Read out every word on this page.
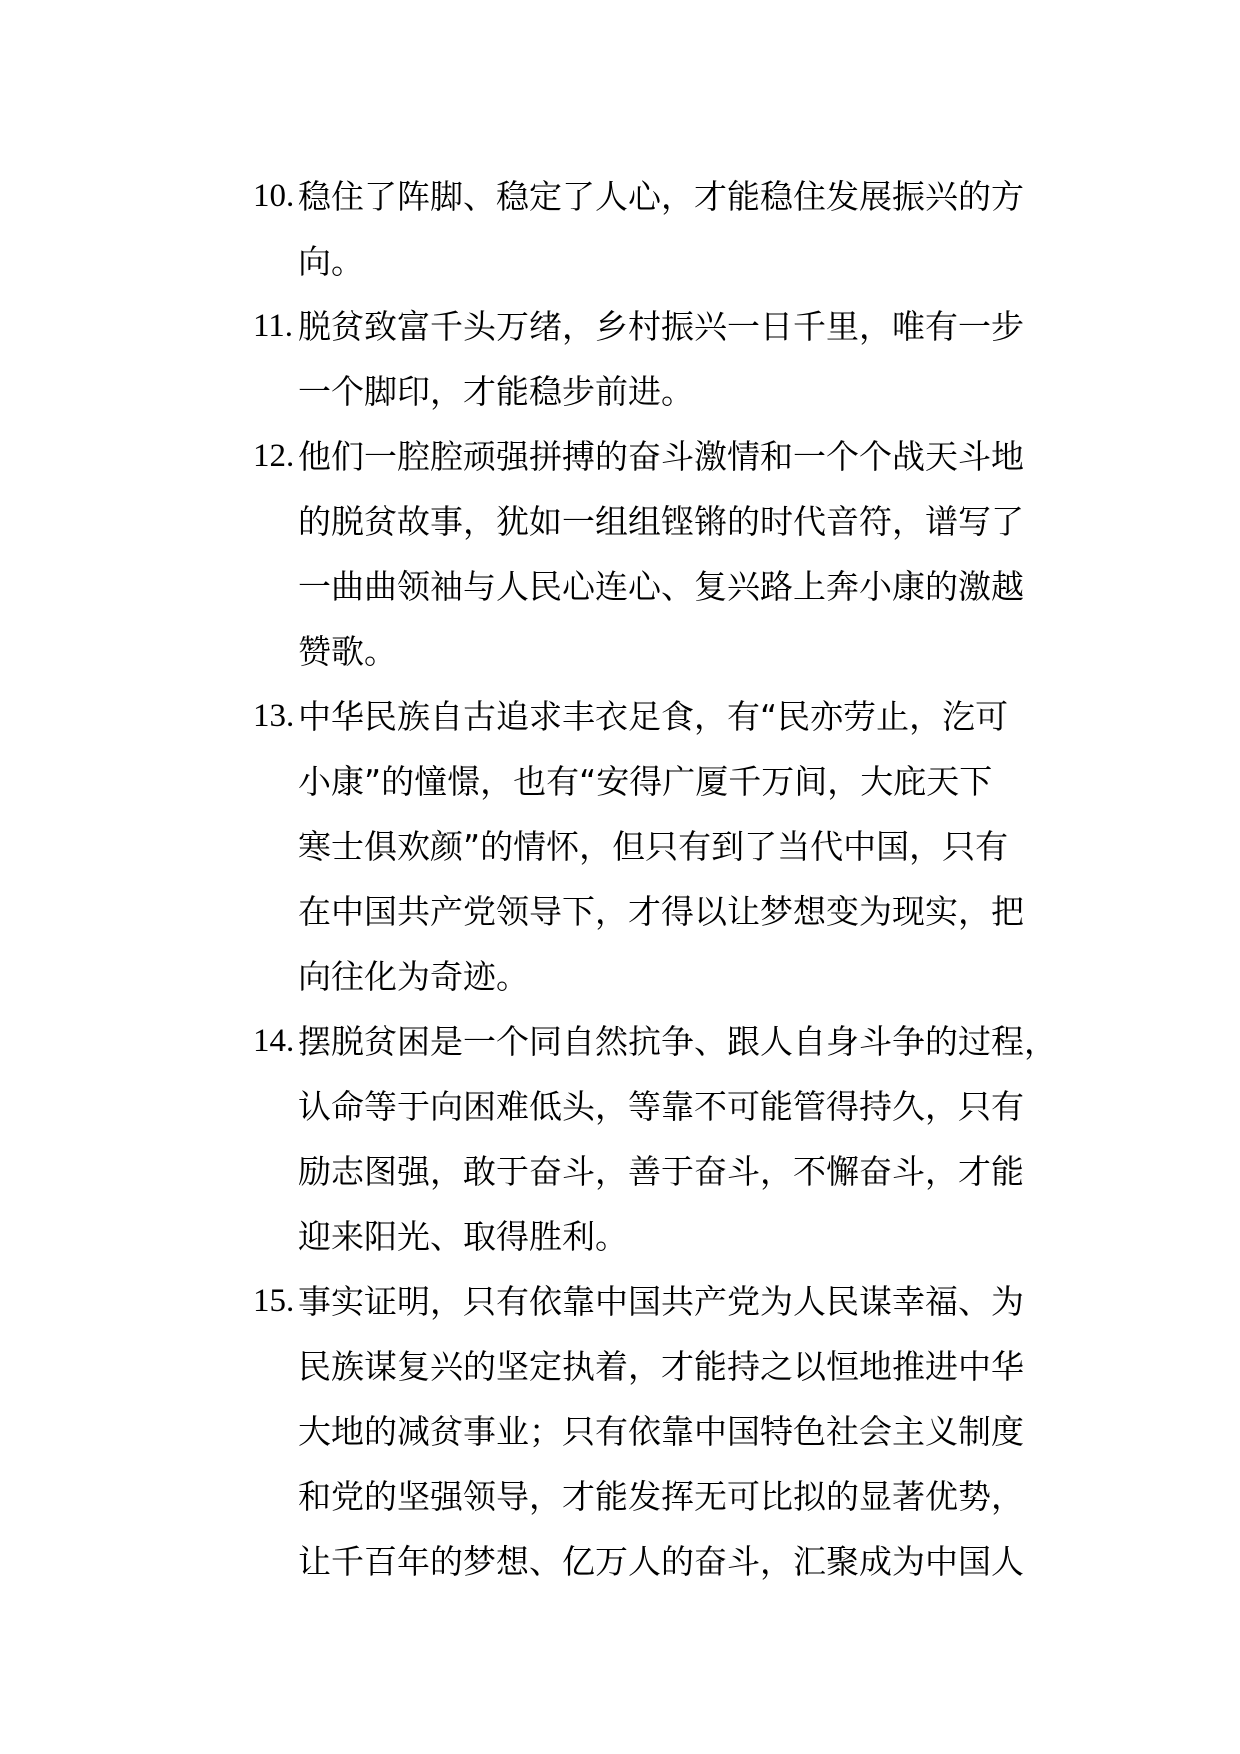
10. 稳住了阵脚、稳定了人心，才能稳住发展振兴的方
向。
11. 脱贫致富千头万绪，乡村振兴一日千里，唯有一步
一个脚印，才能稳步前进。
12. 他们一腔腔顽强拼搏的奋斗激情和一个个战天斗地
的脱贫故事，犹如一组组铿锵的时代音符，谱写了
一曲曲领袖与人民心连心、复兴路上奔小康的激越
赞歌。
13. 中华民族自古追求丰衣足食，有“民亦劳止，汔可
小康”的憧憬，也有“安得广厦千万间，大庇天下
寒士俱欢颜”的情怀，但只有到了当代中国，只有
在中国共产党领导下，才得以让梦想变为现实，把
向往化为奇迹。
14. 摆脱贫困是一个同自然抗争、跟人自身斗争的过程，
认命等于向困难低头，等靠不可能管得持久，只有
励志图强，敢于奋斗，善于奋斗，不懈奋斗，才能
迎来阳光、取得胜利。
15. 事实证明，只有依靠中国共产党为人民谋幸福、为
民族谋复兴的坚定执着，才能持之以恒地推进中华
大地的减贫事业；只有依靠中国特色社会主义制度
和党的坚强领导，才能发挥无可比拟的显著优势，
让千百年的梦想、亿万人的奋斗，汇聚成为中国人
